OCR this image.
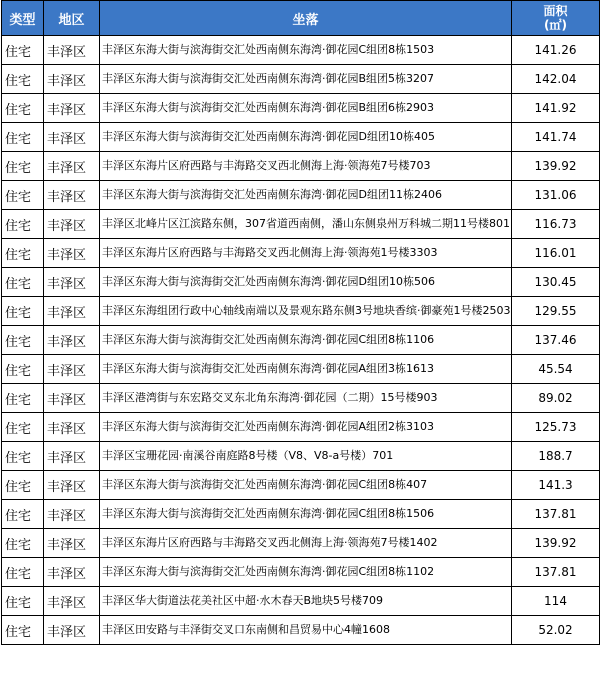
类型	地区	坐落	面积
(㎡)
住宅	丰泽区	丰泽区东海大街与滨海街交汇处西南侧东海湾·御花园C组团8栋1503	141.26
住宅	丰泽区	丰泽区东海大街与滨海街交汇处西南侧东海湾·御花园B组团5栋3207	142.04
住宅	丰泽区	丰泽区东海大街与滨海街交汇处西南侧东海湾·御花园B组团6栋2903	141.92
住宅	丰泽区	丰泽区东海大街与滨海街交汇处西南侧东海湾·御花园D组团10栋405	141.74
住宅	丰泽区	丰泽区东海片区府西路与丰海路交叉西北侧海上海·领海苑7号楼703	139.92
住宅	丰泽区	丰泽区东海大街与滨海街交汇处西南侧东海湾·御花园D组团11栋2406	131.06
住宅	丰泽区	丰泽区北峰片区江滨路东侧，307省道西南侧，潘山东侧泉州万科城二期11号楼801	116.73
住宅	丰泽区	丰泽区东海片区府西路与丰海路交叉西北侧海上海·领海苑1号楼3303	116.01
住宅	丰泽区	丰泽区东海大街与滨海街交汇处西南侧东海湾·御花园D组团10栋506	130.45
住宅	丰泽区	丰泽区东海组团行政中心轴线南端以及景观东路东侧3号地块香缤·御豪苑1号楼2503	129.55
住宅	丰泽区	丰泽区东海大街与滨海街交汇处西南侧东海湾·御花园C组团8栋1106	137.46
住宅	丰泽区	丰泽区东海大街与滨海街交汇处西南侧东海湾·御花园A组团3栋1613	45.54
住宅	丰泽区	丰泽区港湾街与东宏路交叉东北角东海湾·御花园（二期）15号楼903	89.02
住宅	丰泽区	丰泽区东海大街与滨海街交汇处西南侧东海湾·御花园A组团2栋3103	125.73
住宅	丰泽区	丰泽区宝珊花园·南溪谷南庭路8号楼（V8、V8-a号楼）701	188.7
住宅	丰泽区	丰泽区东海大街与滨海街交汇处西南侧东海湾·御花园C组团8栋407	141.3
住宅	丰泽区	丰泽区东海大街与滨海街交汇处西南侧东海湾·御花园C组团8栋1506	137.81
住宅	丰泽区	丰泽区东海片区府西路与丰海路交叉西北侧海上海·领海苑7号楼1402	139.92
住宅	丰泽区	丰泽区东海大街与滨海街交汇处西南侧东海湾·御花园C组团8栋1102	137.81
住宅	丰泽区	丰泽区华大街道法花美社区中超·水木春天B地块5号楼709	114
住宅	丰泽区	丰泽区田安路与丰泽街交叉口东南侧和昌贸易中心4幢1608	52.02
